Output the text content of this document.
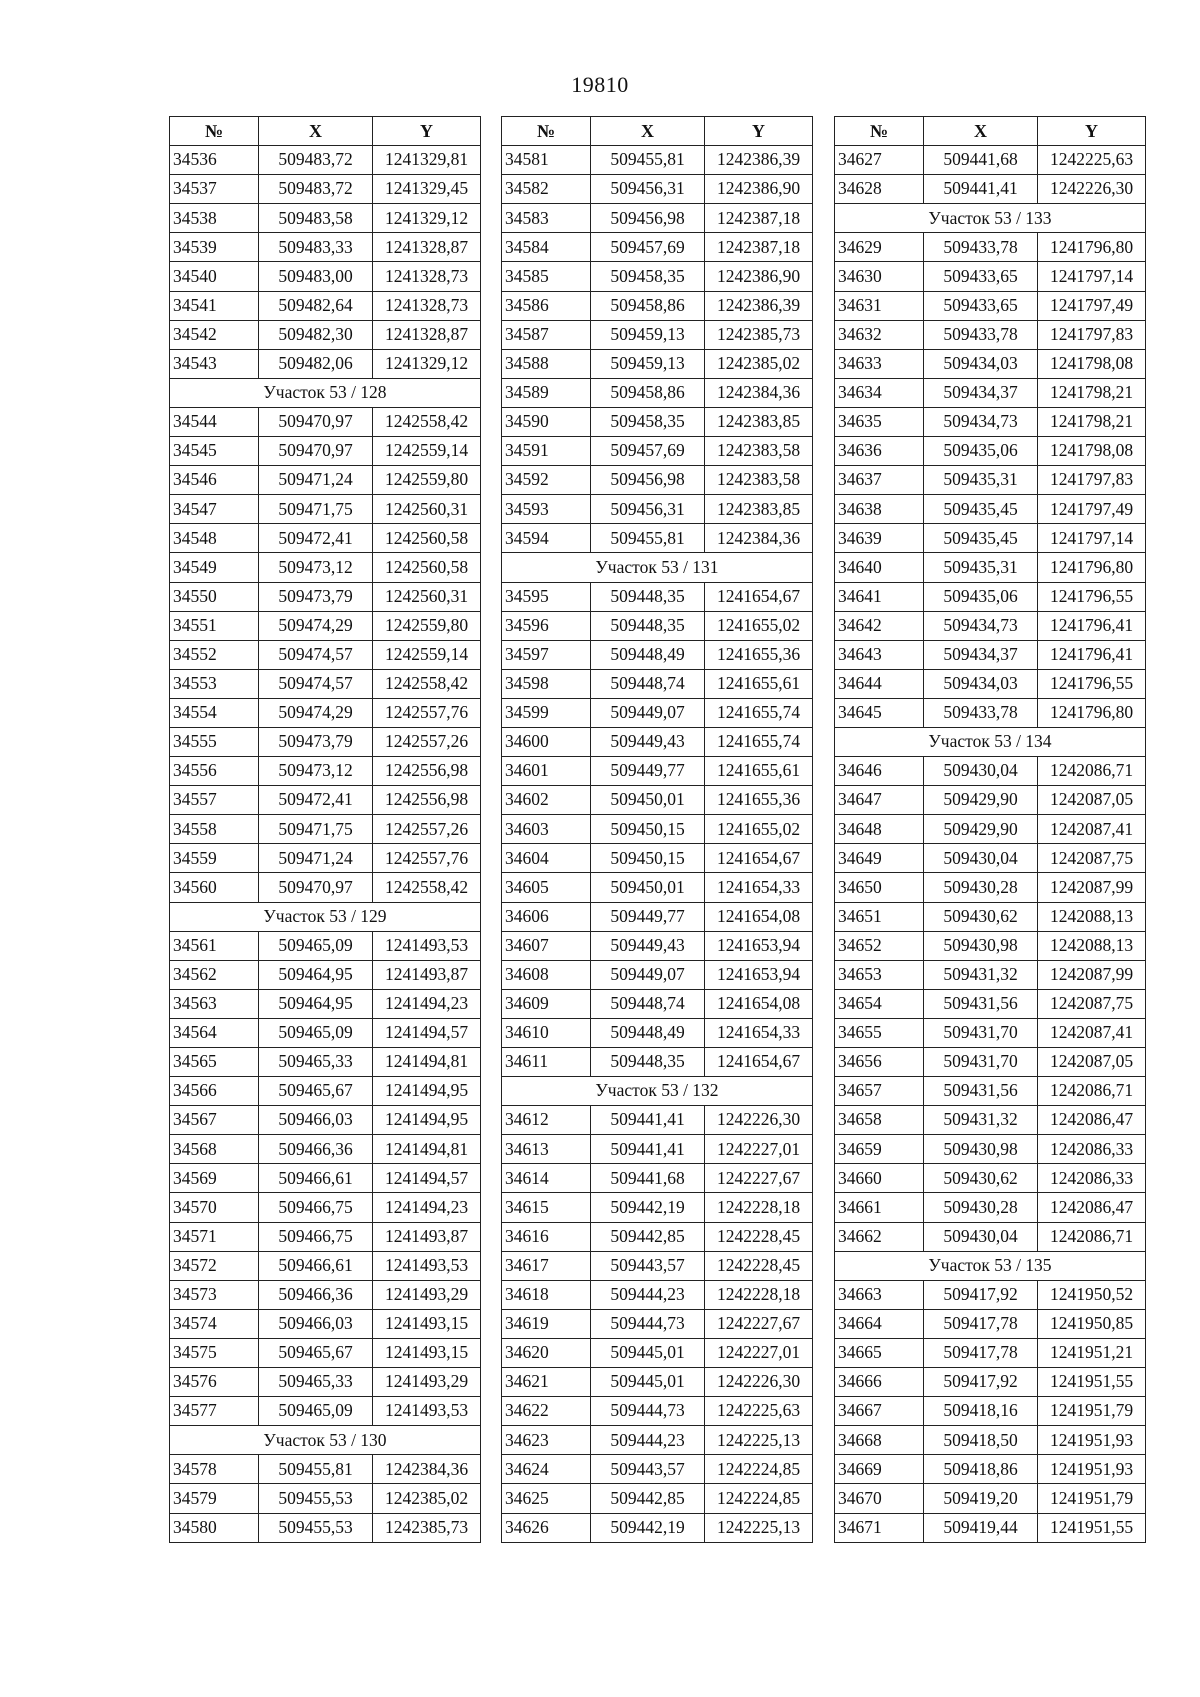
19810
№	X	Y
34536	509483,72	1241329,81
34537	509483,72	1241329,45
34538	509483,58	1241329,12
34539	509483,33	1241328,87
34540	509483,00	1241328,73
34541	509482,64	1241328,73
34542	509482,30	1241328,87
34543	509482,06	1241329,12
Участок 53 / 128		
34544	509470,97	1242558,42
34545	509470,97	1242559,14
34546	509471,24	1242559,80
34547	509471,75	1242560,31
34548	509472,41	1242560,58
34549	509473,12	1242560,58
34550	509473,79	1242560,31
34551	509474,29	1242559,80
34552	509474,57	1242559,14
34553	509474,57	1242558,42
34554	509474,29	1242557,76
34555	509473,79	1242557,26
34556	509473,12	1242556,98
34557	509472,41	1242556,98
34558	509471,75	1242557,26
34559	509471,24	1242557,76
34560	509470,97	1242558,42
Участок 53 / 129		
34561	509465,09	1241493,53
34562	509464,95	1241493,87
34563	509464,95	1241494,23
34564	509465,09	1241494,57
34565	509465,33	1241494,81
34566	509465,67	1241494,95
34567	509466,03	1241494,95
34568	509466,36	1241494,81
34569	509466,61	1241494,57
34570	509466,75	1241494,23
34571	509466,75	1241493,87
34572	509466,61	1241493,53
34573	509466,36	1241493,29
34574	509466,03	1241493,15
34575	509465,67	1241493,15
34576	509465,33	1241493,29
34577	509465,09	1241493,53
Участок 53 / 130		
34578	509455,81	1242384,36
34579	509455,53	1242385,02
34580	509455,53	1242385,73
№	X	Y
34581	509455,81	1242386,39
34582	509456,31	1242386,90
34583	509456,98	1242387,18
34584	509457,69	1242387,18
34585	509458,35	1242386,90
34586	509458,86	1242386,39
34587	509459,13	1242385,73
34588	509459,13	1242385,02
34589	509458,86	1242384,36
34590	509458,35	1242383,85
34591	509457,69	1242383,58
34592	509456,98	1242383,58
34593	509456,31	1242383,85
34594	509455,81	1242384,36
Участок 53 / 131		
34595	509448,35	1241654,67
34596	509448,35	1241655,02
34597	509448,49	1241655,36
34598	509448,74	1241655,61
34599	509449,07	1241655,74
34600	509449,43	1241655,74
34601	509449,77	1241655,61
34602	509450,01	1241655,36
34603	509450,15	1241655,02
34604	509450,15	1241654,67
34605	509450,01	1241654,33
34606	509449,77	1241654,08
34607	509449,43	1241653,94
34608	509449,07	1241653,94
34609	509448,74	1241654,08
34610	509448,49	1241654,33
34611	509448,35	1241654,67
Участок 53 / 132		
34612	509441,41	1242226,30
34613	509441,41	1242227,01
34614	509441,68	1242227,67
34615	509442,19	1242228,18
34616	509442,85	1242228,45
34617	509443,57	1242228,45
34618	509444,23	1242228,18
34619	509444,73	1242227,67
34620	509445,01	1242227,01
34621	509445,01	1242226,30
34622	509444,73	1242225,63
34623	509444,23	1242225,13
34624	509443,57	1242224,85
34625	509442,85	1242224,85
34626	509442,19	1242225,13
№	X	Y
34627	509441,68	1242225,63
34628	509441,41	1242226,30
Участок 53 / 133		
34629	509433,78	1241796,80
34630	509433,65	1241797,14
34631	509433,65	1241797,49
34632	509433,78	1241797,83
34633	509434,03	1241798,08
34634	509434,37	1241798,21
34635	509434,73	1241798,21
34636	509435,06	1241798,08
34637	509435,31	1241797,83
34638	509435,45	1241797,49
34639	509435,45	1241797,14
34640	509435,31	1241796,80
34641	509435,06	1241796,55
34642	509434,73	1241796,41
34643	509434,37	1241796,41
34644	509434,03	1241796,55
34645	509433,78	1241796,80
Участок 53 / 134		
34646	509430,04	1242086,71
34647	509429,90	1242087,05
34648	509429,90	1242087,41
34649	509430,04	1242087,75
34650	509430,28	1242087,99
34651	509430,62	1242088,13
34652	509430,98	1242088,13
34653	509431,32	1242087,99
34654	509431,56	1242087,75
34655	509431,70	1242087,41
34656	509431,70	1242087,05
34657	509431,56	1242086,71
34658	509431,32	1242086,47
34659	509430,98	1242086,33
34660	509430,62	1242086,33
34661	509430,28	1242086,47
34662	509430,04	1242086,71
Участок 53 / 135		
34663	509417,92	1241950,52
34664	509417,78	1241950,85
34665	509417,78	1241951,21
34666	509417,92	1241951,55
34667	509418,16	1241951,79
34668	509418,50	1241951,93
34669	509418,86	1241951,93
34670	509419,20	1241951,79
34671	509419,44	1241951,55
